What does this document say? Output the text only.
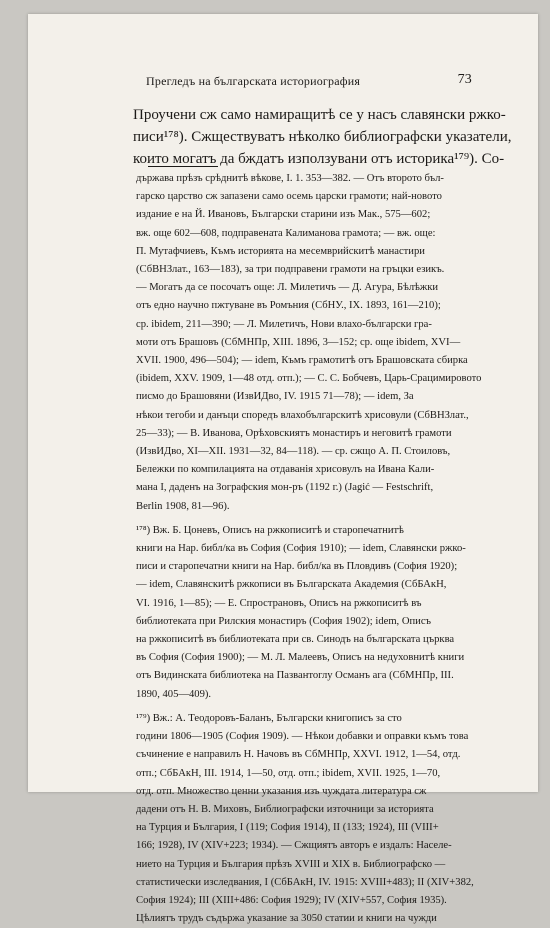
Прегледъ на българската историография	73
Проучени сж само намиращитѣ се у насъ славянски ржко-
писи¹⁷⁸). Сжществуватъ нѣколко библиографски указатели,
които могатъ да бждатъ използувани отъ историка¹⁷⁹). Со-
държава прѣзъ срѣднитѣ вѣкове, I. 1. 353—382. — Отъ второто бъл-
гарско царство сж запазени само осемь царски грамоти; най-новото
издание е на Й. Ивановъ, Български старини изъ Мак., 575—602;
вж. още 602—608, подправената Калиманова грамота; — вж. още:
П. Мутафчиевъ, Къмъ историята на месемврийскитѣ манастири
(СбВНЗлат., 163—183), за три подправени грамоти на гръцки езикъ.
— Могатъ да се посочатъ още: Л. Милетичъ — Д. Агура, Бѣлѣжки
отъ едно научно пжтуване въ Ромъния (СбНУ., IX. 1893, 161—210);
ср. ibidem, 211—390; — Л. Милетичъ, Нови влахо-български гра-
моти отъ Брашовъ (СбМНПр, XIII. 1896, 3—152; ср. още ibidem, XVI—
XVII. 1900, 496—504); — idem, Къмъ грамотитѣ отъ Брашовската сбирка
(ibidem, XXV. 1909, 1—48 отд. отп.); — С. С. Бобчевъ, Царь-Срацимировото
писмо до Брашовяни (ИзвИДво, IV. 1915 71—78); — idem, За
нѣкои тегоби и данъци споредъ влахобългарскитѣ хрисовули (СбВНЗлат.,
25—33); — В. Иванова, Орѣховскиятъ монастиръ и неговитѣ грамоти
(ИзвИДво, XI—XII. 1931—32, 84—118). — ср. сжщо А. П. Стоиловъ,
Бележки по компилацията на отдаванія хрисовулъ на Ивана Кали-
мана I, даденъ на Зографския мон-ръ (1192 г.) (Jagić — Festschrift,
Berlin 1908, 81—96).
¹⁷⁸) Вж. Б. Цоневъ, Описъ на ржкописитѣ и старопечатнитѣ
книги на Нар. библ/ка въ София (София 1910); — idem, Славянски ржко-
писи и старопечатни книги на Нар. библ/ка въ Пловдивъ (София 1920);
— idem, Славянскитѣ ржкописи въ Българската Академия (СбБАкН,
VI. 1916, 1—85); — Е. Спространовъ, Описъ на ржкописитѣ въ
библиотеката при Рилския монастиръ (София 1902); idem, Описъ
на ржкописитѣ въ библиотеката при св. Синодъ на българската църква
въ София (София 1900); — М. Л. Малеевъ, Описъ на недуховнитѣ книги
отъ Видинската библиотека на Пазвантоглу Османъ ага (СбМНПр, III.
1890, 405—409).
¹⁷⁹) Вж.: А. Теодоровъ-Баланъ, Български книгописъ за сто
години 1806—1905 (София 1909). — Нѣкои добавки и оправки къмъ това
съчинение е направилъ Н. Начовъ въ СбМНПр, XXVI. 1912, 1—54, отд.
отп.; СбБАкН, III. 1914, 1—50, отд. отп.; ibidem, XVII. 1925, 1—70,
отд. отп. Множество ценни указания изъ чуждата литература сж
дадени отъ Н. В. Миховъ, Библиографски източници за историята
на Турция и България, I (119; София 1914), II (133; 1924), III (VIII+
166; 1928), IV (XIV+223; 1934). — Сжщиятъ авторъ е издалъ: Населе-
нието на Турция и България прѣзъ XVIII и XIX в. Библиографско —
статистически изследвания, I (СбБАкН, IV. 1915: XVIII+483); II (XIV+382,
София 1924); III (XIII+486: София 1929); IV (XIV+557, София 1935).
Цѣлиятъ трудъ съдържа указание за 3050 статии и книги на чужди
